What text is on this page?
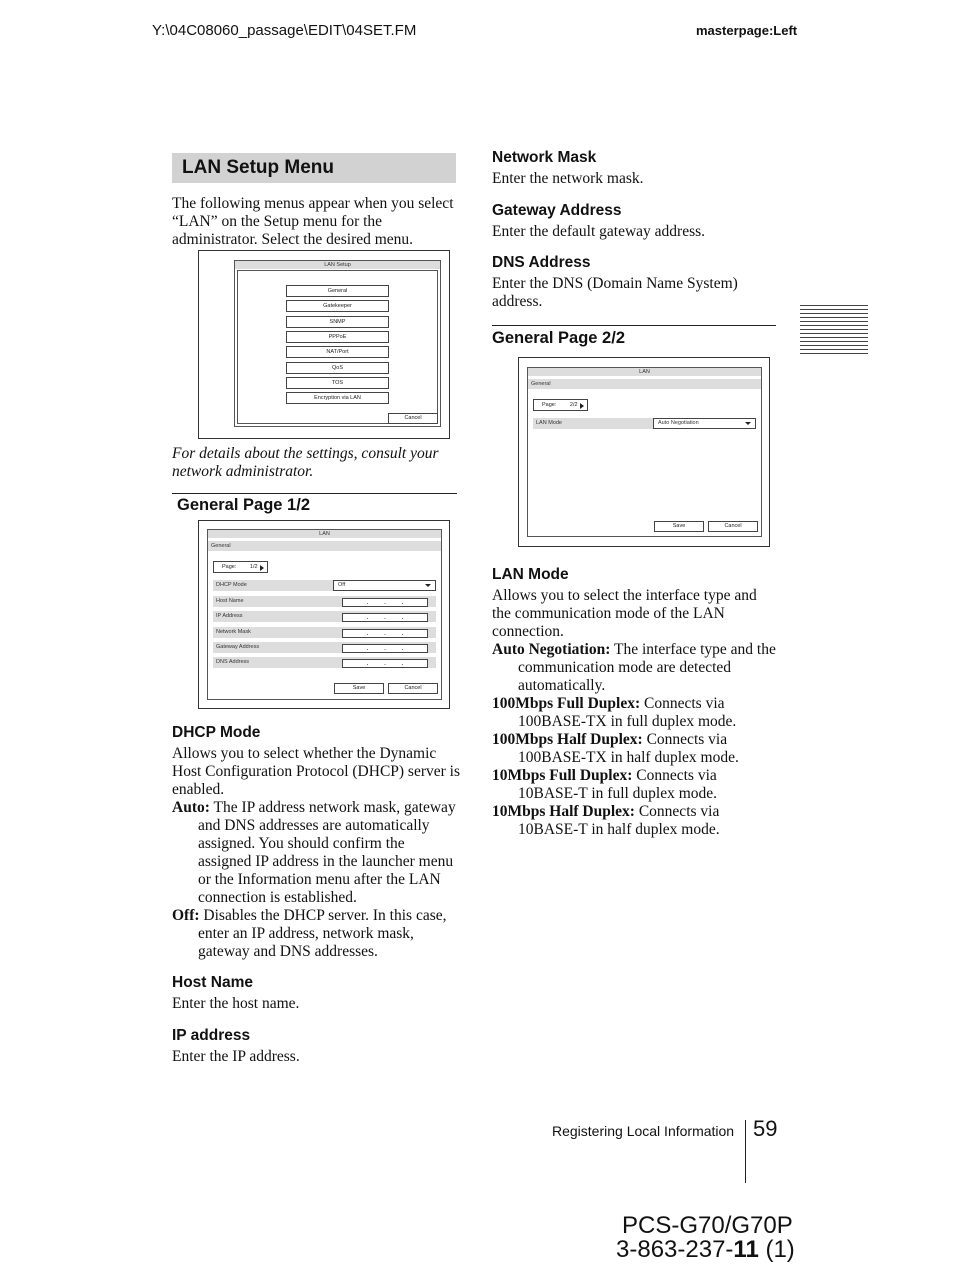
Y:\04C08060_passage\EDIT\04SET.FM	masterpage:Left
LAN Setup Menu

The following menus appear when you select “LAN” on the Setup menu for the administrator. Select the desired menu.

LAN Setup
General
Gatekeeper
SNMP
PPPoE
NAT/Port
QoS
TOS
Encryption via LAN
Cancel

For details about the settings, consult your network administrator.

General Page 1/2
LAN
General
Page: 1/2
DHCP Mode	Off
Host Name	. . .
IP Address	. . .
Network Mask	. . .
Gateway Address	. . .
DNS Address	. . .
Save	Cancel
DHCP Mode

Allows you to select whether the Dynamic Host Configuration Protocol (DHCP) server is enabled.

Auto: The IP address network mask, gateway and DNS addresses are automatically assigned. You should confirm the assigned IP address in the launcher menu or the Information menu after the LAN connection is established.

Off: Disables the DHCP server. In this case, enter an IP address, network mask, gateway and DNS addresses.

Host Name

Enter the host name.

IP address

Enter the IP address.

Network Mask

Enter the network mask.

Gateway Address

Enter the default gateway address.

DNS Address

Enter the DNS (Domain Name System) address.

General Page 2/2
LAN
General
Page: 2/2
LAN Mode	Auto Negotiation
Save	Cancel
LAN Mode

Allows you to select the interface type and the communication mode of the LAN connection.

Auto Negotiation: The interface type and the communication mode are detected automatically.

100Mbps Full Duplex: Connects via 100BASE-TX in full duplex mode.

100Mbps Half Duplex: Connects via 100BASE-TX in half duplex mode.

10Mbps Full Duplex: Connects via 10BASE-T in full duplex mode.

10Mbps Half Duplex: Connects via 10BASE-T in half duplex mode.

Registering Local Information 59
PCS-G70/G70P
3-863-237-11 (1)
